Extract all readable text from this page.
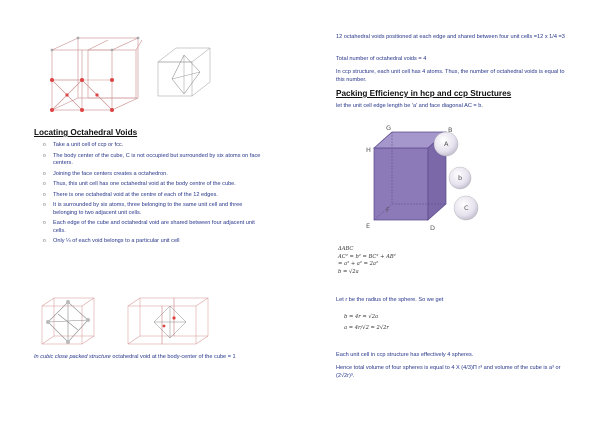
Locating Octahedral Voids
o Take a unit cell of ccp or fcc.
o The body center of the cube, C is not occupied but surrounded by six atoms on face centers.
o Joining the face centers creates a octahedron.
o Thus, this unit cell has one octahedral void at the body centre of the cube.
o There is one octahedral void at the centre of each of the 12 edges.
o It is surrounded by six atoms, three belonging to the same unit cell and three belonging to two adjacent unit cells.
o Each edge of the cube and octahedral void are shared between four adjacent unit cells.
o Only ¼ of each void belongs to a particular unit cell
In cubic close packed structure octahedral void at the body-center of the cube = 1
12 octahedral voids positioned at each edge and shared between four unit cells =12 x 1/4 =3
Total number of octahedral voids = 4
In ccp structure, each unit cell has 4 atoms. Thus, the number of octahedral voids is equal to this number.
Packing Efficiency in hcp and ccp Structures
let the unit cell edge length be 'a' and face diagonal AC = b.
G
H
B
A
b
C
F
E	D
ΔABC
AC² = b² = BC² + AB²
= a² + a² = 2a²
b = √2a
Let r be the radius of the sphere. So we get
b = 4r = √2a
a = 4r/√2 = 2√2r
Each unit cell in ccp structure has effectively 4 spheres.
Hence total volume of four spheres is equal to 4 X (4/3)Π r³ and volume of the cube is a³ or (2√2r)³.
